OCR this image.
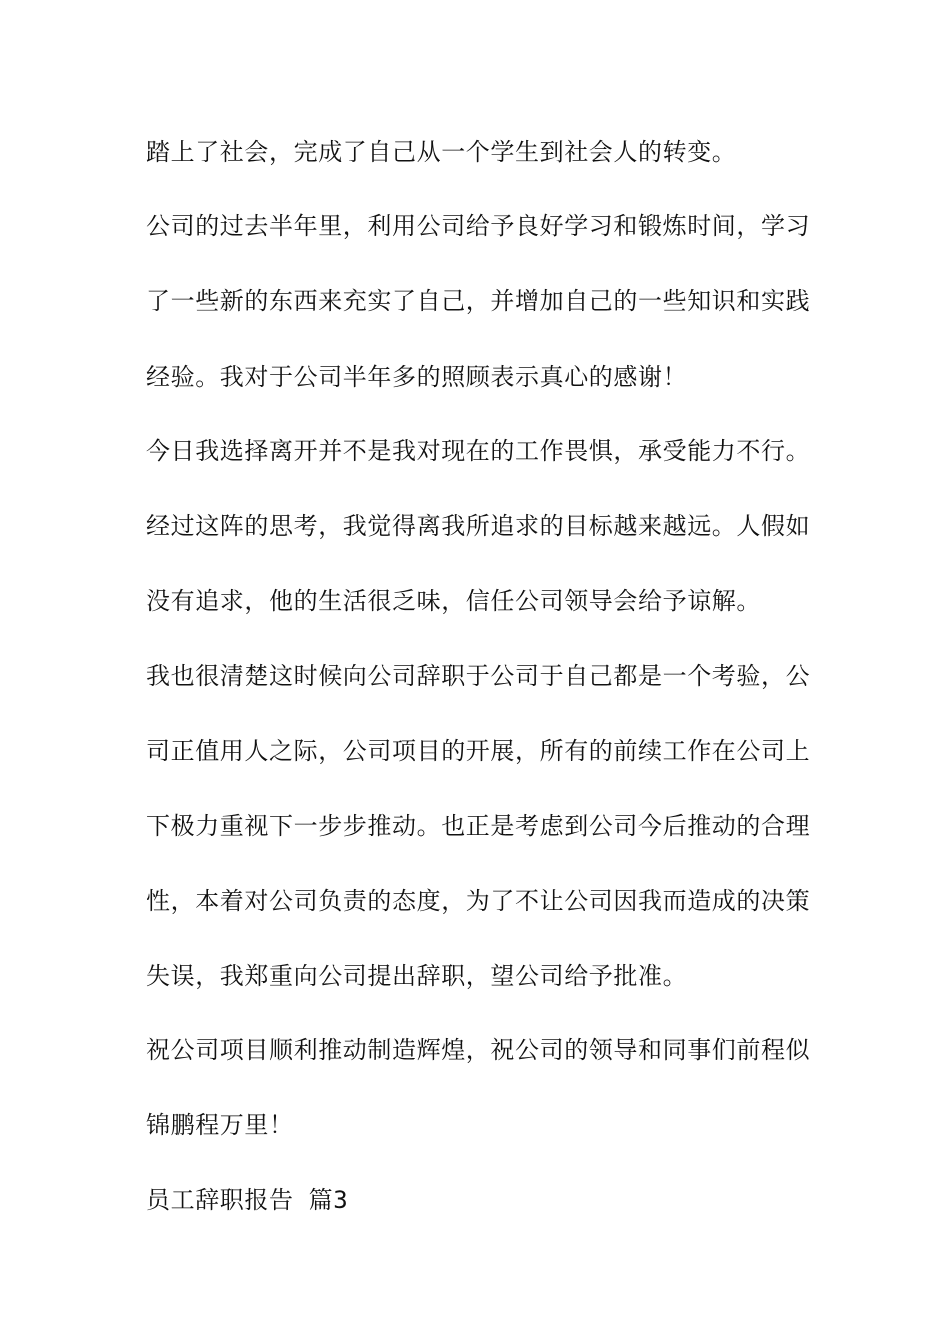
踏上了社会，完成了自己从一个学生到社会人的转变。

公司的过去半年里，利用公司给予良好学习和锻炼时间，学习

了一些新的东西来充实了自己，并增加自己的一些知识和实践

经验。我对于公司半年多的照顾表示真心的感谢！

今日我选择离开并不是我对现在的工作畏惧，承受能力不行。

经过这阵的思考，我觉得离我所追求的目标越来越远。人假如

没有追求，他的生活很乏味，信任公司领导会给予谅解。

我也很清楚这时候向公司辞职于公司于自己都是一个考验，公

司正值用人之际，公司项目的开展，所有的前续工作在公司上

下极力重视下一步步推动。也正是考虑到公司今后推动的合理

性，本着对公司负责的态度，为了不让公司因我而造成的决策

失误，我郑重向公司提出辞职，望公司给予批准。

祝公司项目顺利推动制造辉煌，祝公司的领导和同事们前程似

锦鹏程万里！

员工辞职报告 篇3
